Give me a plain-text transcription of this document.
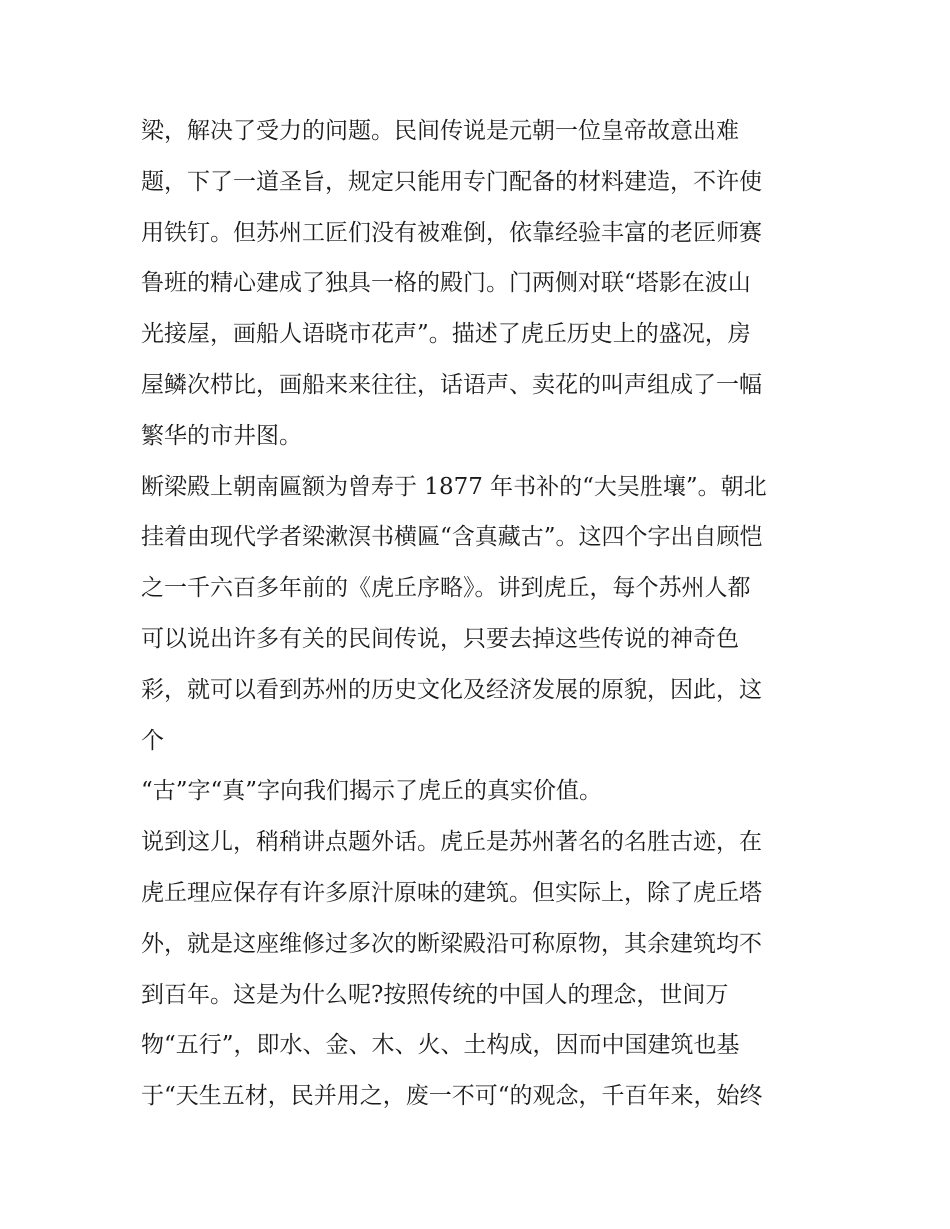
梁，解决了受力的问题。民间传说是元朝一位皇帝故意出难
题，下了一道圣旨，规定只能用专门配备的材料建造，不许使
用铁钉。但苏州工匠们没有被难倒，依靠经验丰富的老匠师赛
鲁班的精心建成了独具一格的殿门。门两侧对联“塔影在波山
光接屋，画船人语晓市花声”。描述了虎丘历史上的盛况，房
屋鳞次栉比，画船来来往往，话语声、卖花的叫声组成了一幅
繁华的市井图。
断梁殿上朝南匾额为曾寿于 1877 年书补的“大吴胜壤”。朝北
挂着由现代学者梁漱溟书横匾“含真藏古”。这四个字出自顾恺
之一千六百多年前的《虎丘序略》。讲到虎丘，每个苏州人都
可以说出许多有关的民间传说，只要去掉这些传说的神奇色
彩，就可以看到苏州的历史文化及经济发展的原貌，因此，这
个
“古”字“真”字向我们揭示了虎丘的真实价值。
说到这儿，稍稍讲点题外话。虎丘是苏州著名的名胜古迹，在
虎丘理应保存有许多原汁原味的建筑。但实际上，除了虎丘塔
外，就是这座维修过多次的断梁殿沿可称原物，其余建筑均不
到百年。这是为什么呢?按照传统的中国人的理念，世间万
物“五行”，即水、金、木、火、土构成，因而中国建筑也基
于“天生五材，民并用之，废一不可“的观念，千百年来，始终
